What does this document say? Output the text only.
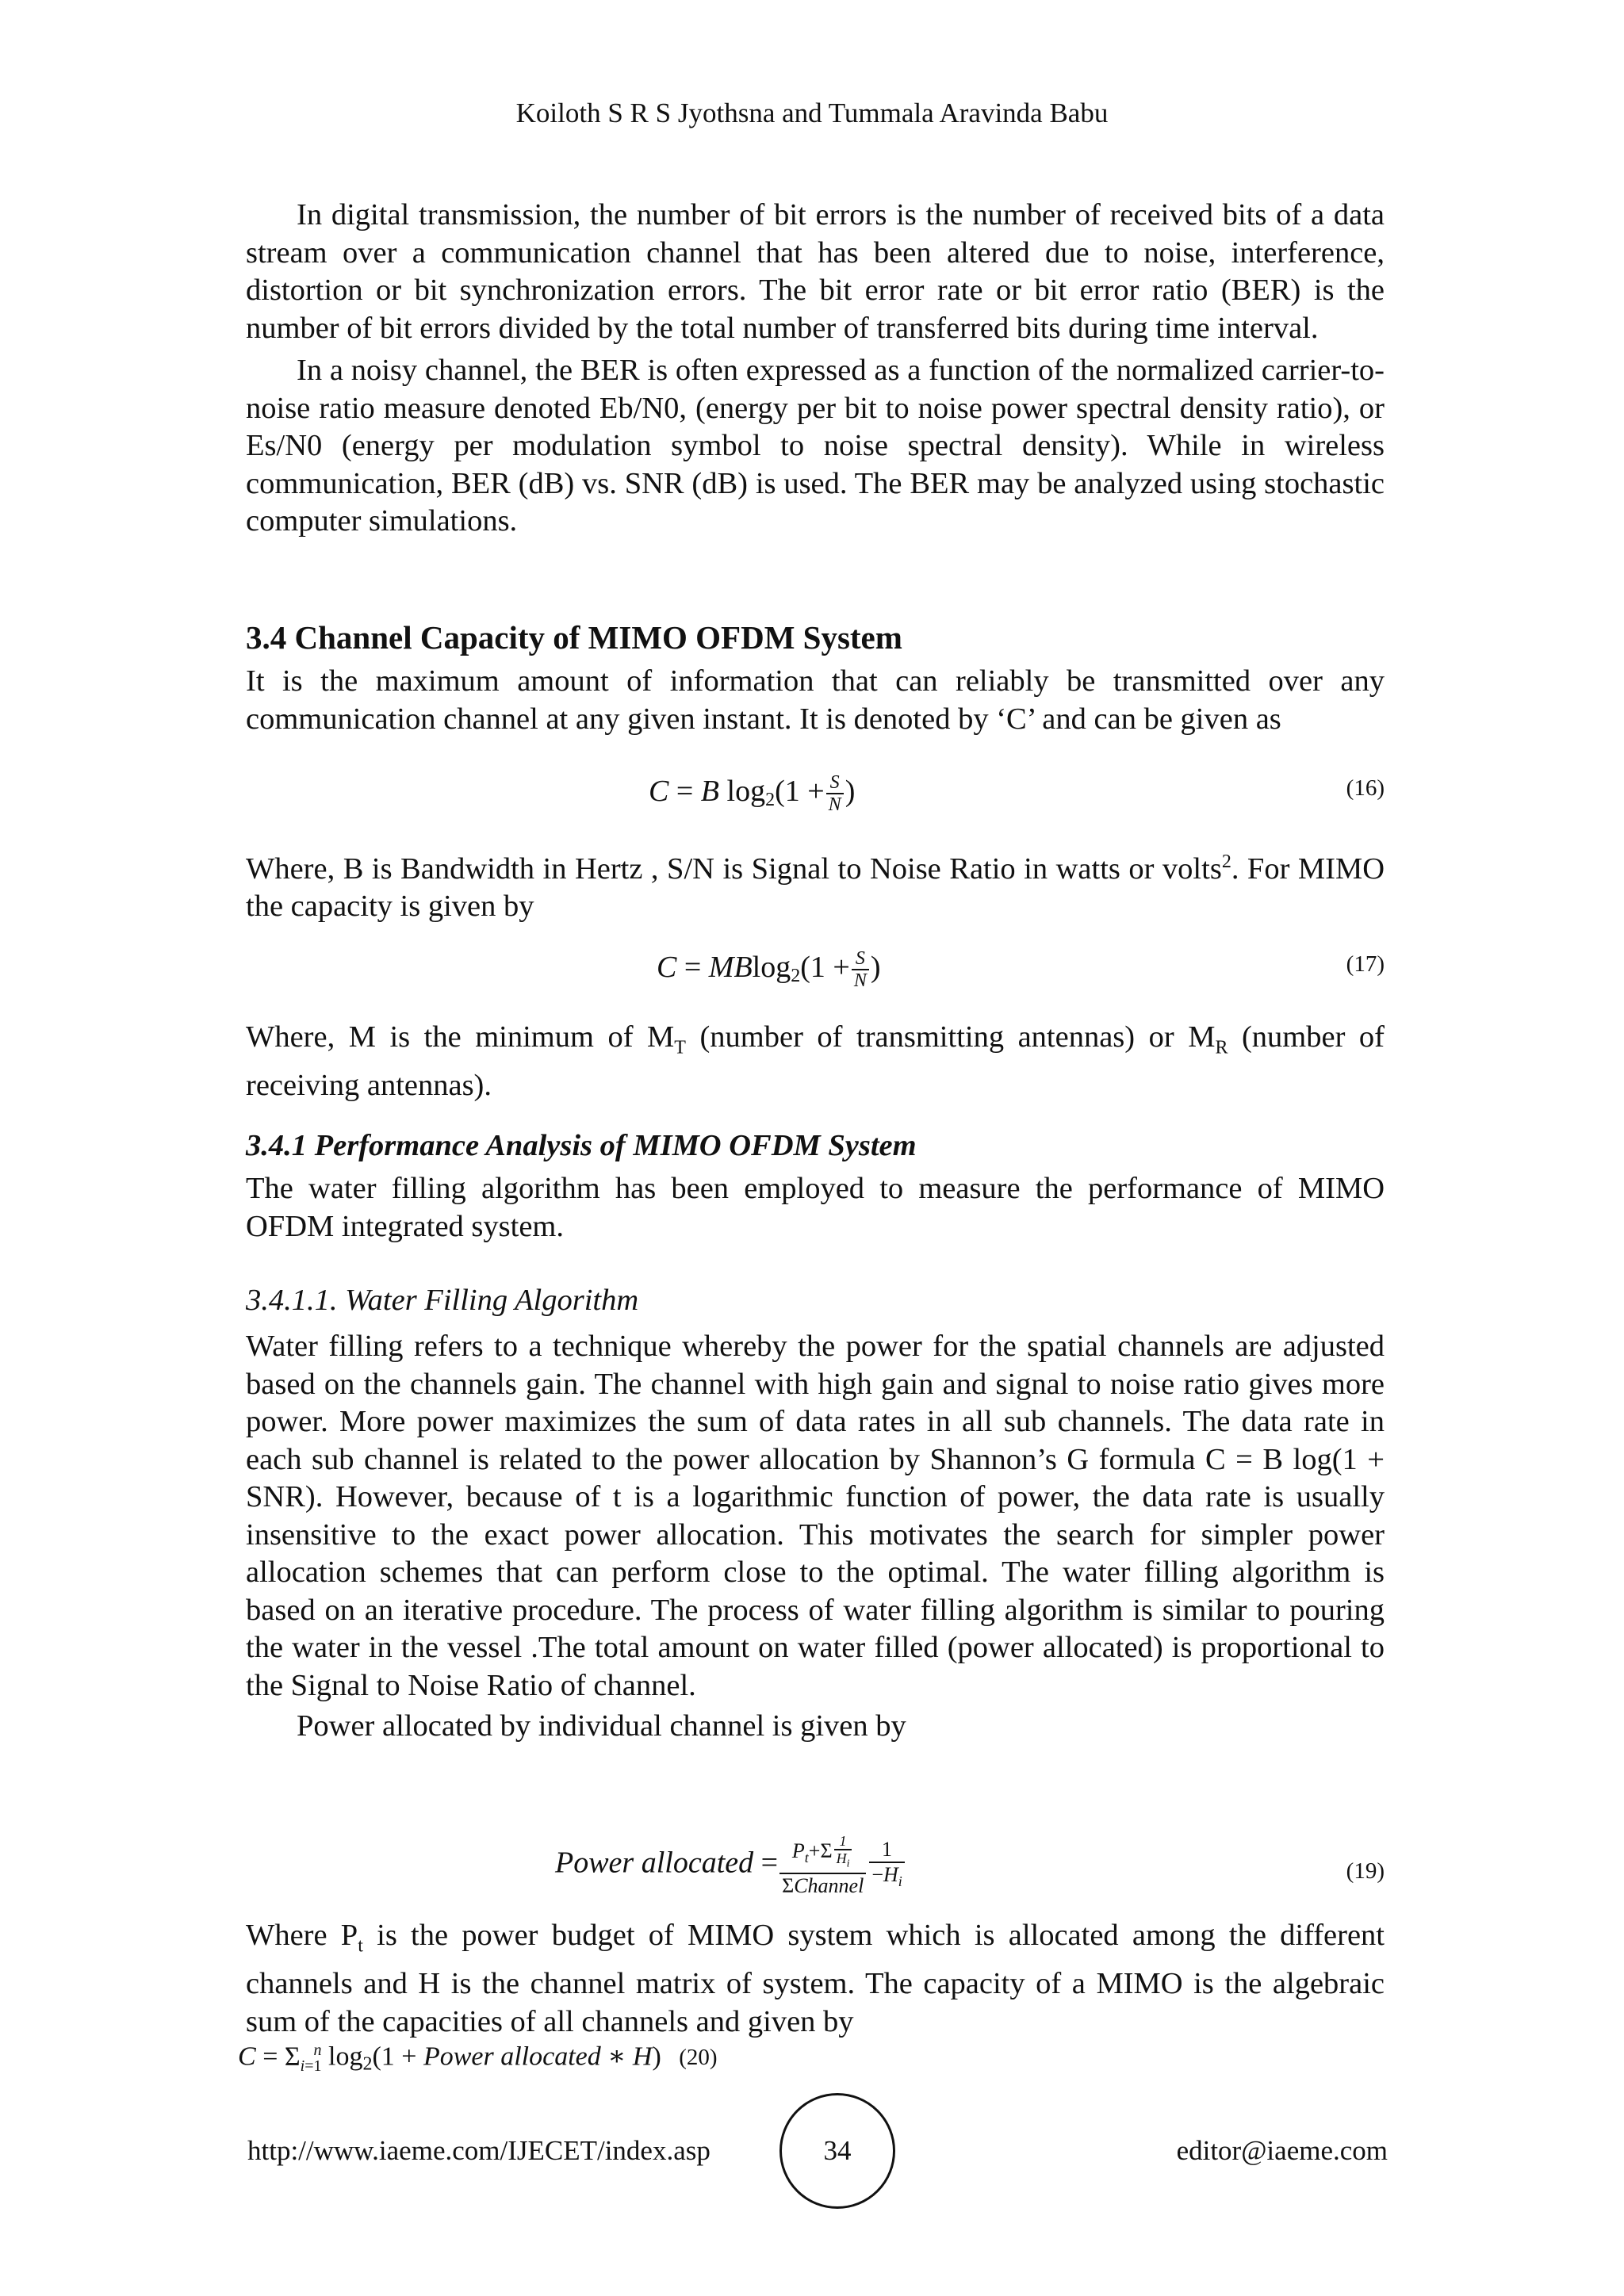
Koiloth S R S Jyothsna and Tummala Aravinda Babu

In digital transmission, the number of bit errors is the number of received bits of a data stream over a communication channel that has been altered due to noise, interference, distortion or bit synchronization errors. The bit error rate or bit error ratio (BER) is the number of bit errors divided by the total number of transferred bits during time interval.

In a noisy channel, the BER is often expressed as a function of the normalized carrier-to-noise ratio measure denoted Eb/N0, (energy per bit to noise power spectral density ratio), or Es/N0 (energy per modulation symbol to noise spectral density). While in wireless communication, BER (dB) vs. SNR (dB) is used. The BER may be analyzed using stochastic computer simulations.

3.4 Channel Capacity of MIMO OFDM System

It is the maximum amount of information that can reliably be transmitted over any communication channel at any given instant. It is denoted by ‘C’ and can be given as

C = B $\log_2(1 + \frac{S}{N}$ )	(16)

Where, B is Bandwidth in Hertz , S/N is Signal to Noise Ratio in watts or volts$^2$. For MIMO the capacity is given by

$C = MBlog_2(1 + \frac{S}{N}$ )	(17)

Where, M is the minimum of $M_T$ (number of transmitting antennas) or $M_R$ (number of receiving antennas).

3.4.1 Performance Analysis of MIMO OFDM System

The water filling algorithm has been employed to measure the performance of MIMO OFDM integrated system.

3.4.1.1. Water Filling Algorithm

Water filling refers to a technique whereby the power for the spatial channels are adjusted based on the channels gain. The channel with high gain and signal to noise ratio gives more power. More power maximizes the sum of data rates in all sub channels. The data rate in each sub channel is related to the power allocation by Shannon’s G formula C = B log(1 + SNR). However, because of t is a logarithmic function of power, the data rate is usually insensitive to the exact power allocation. This motivates the search for simpler power allocation schemes that can perform close to the optimal. The water filling algorithm is based on an iterative procedure. The process of water filling algorithm is similar to pouring the water in the vessel .The total amount on water filled (power allocated) is proportional to the Signal to Noise Ratio of channel.

Power allocated by individual channel is given by

Power allocated = $\frac{P_t+\Sigma \frac{1}{H_i}}{\text{ΣChannel}} \frac{1}{-H_i}$	(19)

Where $P_t$ is the power budget of MIMO system which is allocated among the different channels and H is the channel matrix of system. The capacity of a MIMO is the algebraic sum of the capacities of all channels and given by

$C = \Sigma_{i=1}^n$ $\log_2(1$ + Power allocated ∗ H) (20)
http://www.iaeme.com/IJECET/index.asp	34	editor@iaeme.com
